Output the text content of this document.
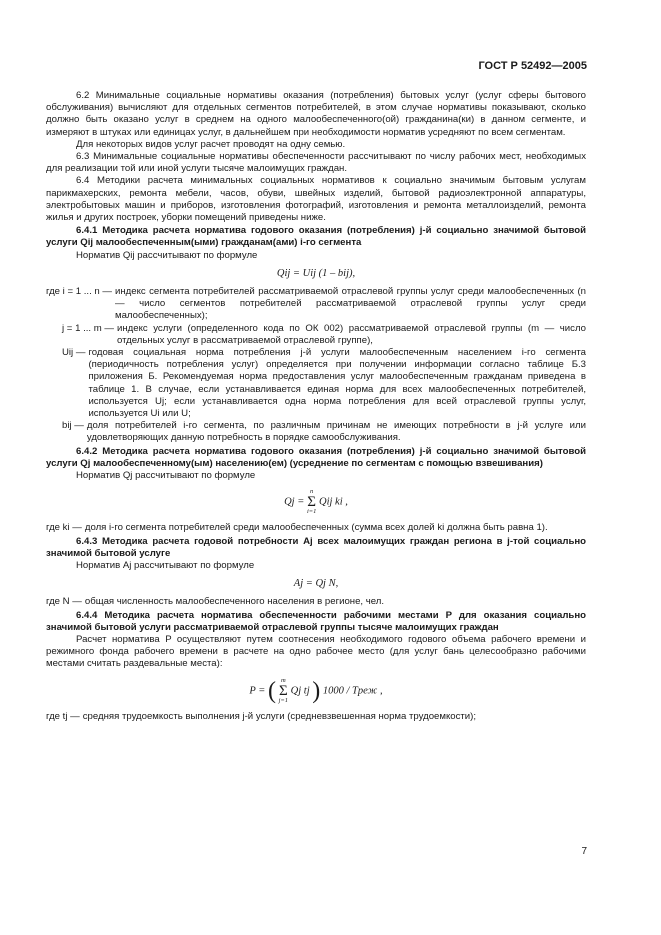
ГОСТ Р 52492—2005

6.2 Минимальные социальные нормативы оказания (потребления) бытовых услуг (услуг сферы бытового обслуживания) вычисляют для отдельных сегментов потребителей, в этом случае нормативы показывают, сколько должно быть оказано услуг в среднем на одного малообеспеченного(ой) гражданина(ки) в данном сегменте, и измеряют в штуках или единицах услуг, в дальнейшем при необходимости норматив усредняют по всем сегментам.

Для некоторых видов услуг расчет проводят на одну семью.

6.3 Минимальные социальные нормативы обеспеченности рассчитывают по числу рабочих мест, необходимых для реализации той или иной услуги тысяче малоимущих граждан.

6.4 Методики расчета минимальных социальных нормативов к социально значимым бытовым услугам парикмахерских, ремонта мебели, часов, обуви, швейных изделий, бытовой радиоэлектронной аппаратуры, электробытовых машин и приборов, изготовления фотографий, изготовления и ремонта металлоизделий, ремонта жилья и других построек, уборки помещений приведены ниже.

6.4.1 Методика расчета норматива годового оказания (потребления) j-й социально значимой бытовой услуги Qij малообеспеченным(ыми) гражданам(ами) i-го сегмента

Норматив Qij рассчитывают по формуле

Qij = Uij (1 – bij),
где i = 1 ... n — индекс сегмента потребителей рассматриваемой отраслевой группы услуг среди малообеспеченных (n — число сегментов потребителей рассматриваемой отраслевой группы услуг среди малообеспеченных);
j = 1 ... m — индекс услуги (определенного кода по ОК 002) рассматриваемой отраслевой группы (m — число отдельных услуг в рассматриваемой отраслевой группе),
Uij — годовая социальная норма потребления j-й услуги малообеспеченным населением i-го сегмента (периодичность потребления услуг) определяется при получении информации согласно таблице Б.3 приложения Б. Рекомендуемая норма предоставления услуг малообеспеченным гражданам приведена в таблице 1. В случае, если устанавливается единая норма для всех малообеспеченных потребителей, используется Uj; если устанавливается одна норма потребления для всей отраслевой группы услуг, используется Ui или U;
bij — доля потребителей i-го сегмента, по различным причинам не имеющих потребности в j-й услуге или удовлетворяющих данную потребность в порядке самообслуживания.

6.4.2 Методика расчета норматива годового оказания (потребления) j-й социально значимой бытовой услуги Qj малообеспеченному(ым) населению(ем) (усреднение по сегментам с помощью взвешивания)

Норматив Qj рассчитывают по формуле

Qj =
n
Σ
i=1
Qij ki ,
где ki — доля i-го сегмента потребителей среди малообеспеченных (сумма всех долей ki должна быть равна 1).

6.4.3 Методика расчета годовой потребности Aj всех малоимущих граждан региона в j-той социально значимой бытовой услуге

Норматив Aj рассчитывают по формуле

Aj = Qj N,
где N — общая численность малообеспеченного населения в регионе, чел.

6.4.4 Методика расчета норматива обеспеченности рабочими местами P для оказания социально значимой бытовой услуги рассматриваемой отраслевой группы тысяче малоимущих граждан

Расчет норматива P осуществляют путем соотнесения необходимого годового объема рабочего времени и режимного фонда рабочего времени в расчете на одно рабочее место (для услуг бань целесообразно рабочими местами считать раздевальные места):

P = ( m
Σ
j=1
Qj tj ) 1000 / Tреж ,
где tj — средняя трудоемкость выполнения j-й услуги (средневзвешенная норма трудоемкости);
7
